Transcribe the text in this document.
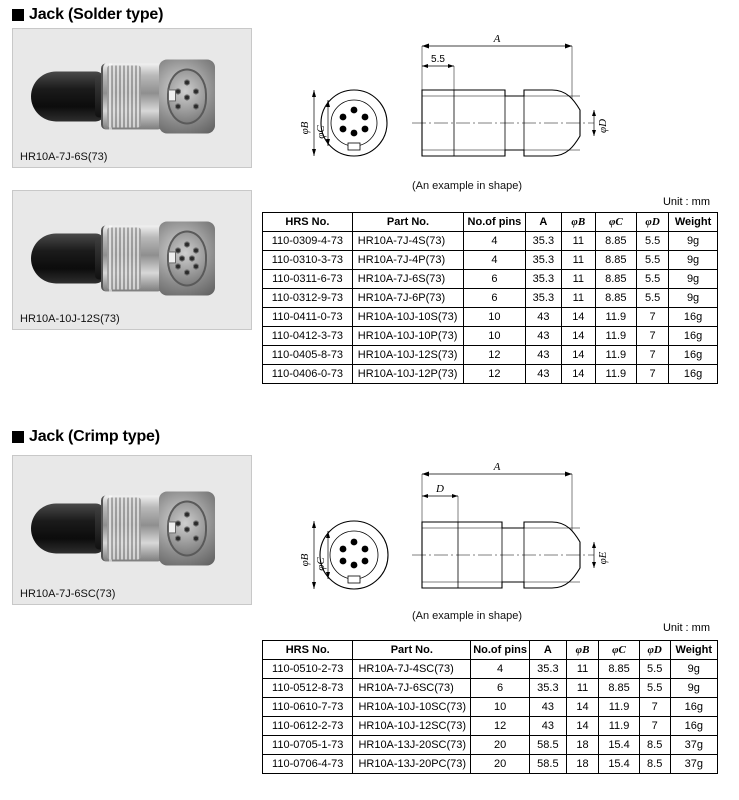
Jack (Solder type)
HR10A-7J-6S(73)
HR10A-10J-12S(73)
A
5.5
φB φC	φD
(An example in shape)
Unit : mm
HRS No.	Part No.	No.of pins	A	φB	φC	φD	Weight
110-0309-4-73	HR10A-7J-4S(73)	4	35.3	11	8.85	5.5	9g
110-0310-3-73	HR10A-7J-4P(73)	4	35.3	11	8.85	5.5	9g
110-0311-6-73	HR10A-7J-6S(73)	6	35.3	11	8.85	5.5	9g
110-0312-9-73	HR10A-7J-6P(73)	6	35.3	11	8.85	5.5	9g
110-0411-0-73	HR10A-10J-10S(73)	10	43	14	11.9	7	16g
110-0412-3-73	HR10A-10J-10P(73)	10	43	14	11.9	7	16g
110-0405-8-73	HR10A-10J-12S(73)	12	43	14	11.9	7	16g
110-0406-0-73	HR10A-10J-12P(73)	12	43	14	11.9	7	16g
Jack (Crimp type)
HR10A-7J-6SC(73)
A
D
φB φC	φE
(An example in shape)
Unit : mm
HRS No.	Part No.	No.of pins	A	φB	φC	φD	Weight
110-0510-2-73	HR10A-7J-4SC(73)	4	35.3	11	8.85	5.5	9g
110-0512-8-73	HR10A-7J-6SC(73)	6	35.3	11	8.85	5.5	9g
110-0610-7-73	HR10A-10J-10SC(73)	10	43	14	11.9	7	16g
110-0612-2-73	HR10A-10J-12SC(73)	12	43	14	11.9	7	16g
110-0705-1-73	HR10A-13J-20SC(73)	20	58.5	18	15.4	8.5	37g
110-0706-4-73	HR10A-13J-20PC(73)	20	58.5	18	15.4	8.5	37g
